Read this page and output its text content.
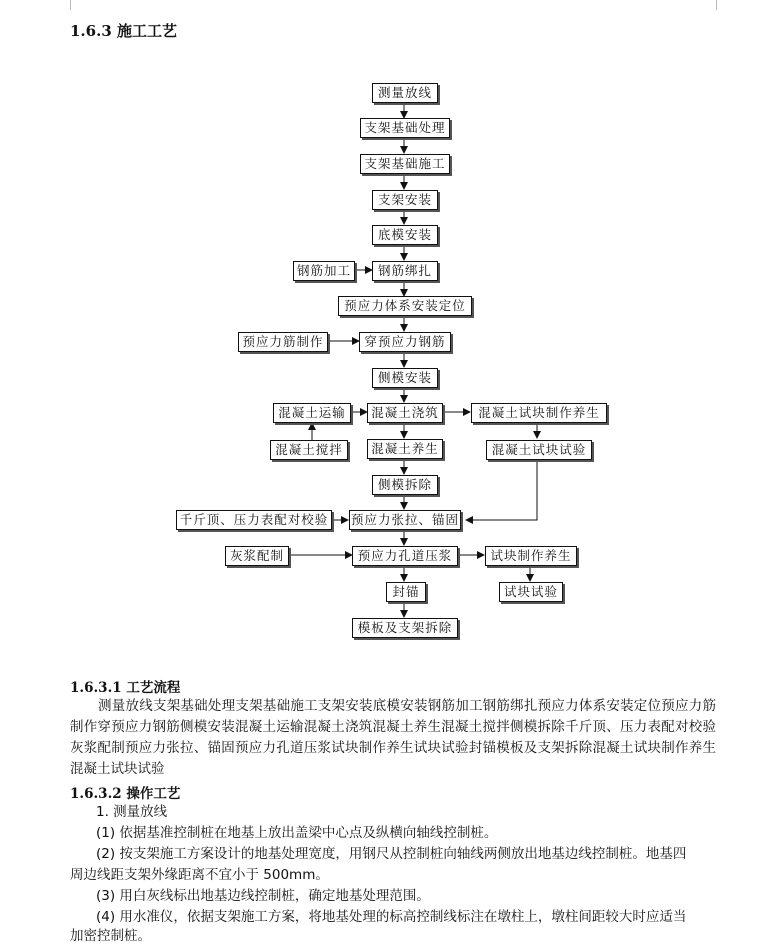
1.6.3 施工工艺
测量放线
支架基础处理
支架基础施工
支架安装
底模安装
钢筋绑扎
预应力体系安装定位
穿预应力钢筋
侧模安装
混凝土浇筑
混凝土养生
侧模拆除
预应力张拉、锚固
预应力孔道压浆
封锚
模板及支架拆除
钢筋加工
预应力筋制作
混凝土运输
混凝土搅拌
千斤顶、压力表配对校验
灰浆配制
混凝土试块制作养生
混凝土试块试验
试块制作养生
试块试验
1.6.3.1 工艺流程
测量放线支架基础处理支架基础施工支架安装底模安装钢筋加工钢筋绑扎预应力体系安装定位预应力筋制作穿预应力钢筋侧模安装混凝土运输混凝土浇筑混凝土养生混凝土搅拌侧模拆除千斤顶、压力表配对校验灰浆配制预应力张拉、锚固预应力孔道压浆试块制作养生试块试验封锚模板及支架拆除混凝土试块制作养生混凝土试块试验
1.6.3.2 操作工艺
1. 测量放线
(1) 依据基准控制桩在地基上放出盖梁中心点及纵横向轴线控制桩。
(2) 按支架施工方案设计的地基处理宽度，用钢尺从控制桩向轴线两侧放出地基边线控制桩。地基四
周边线距支架外缘距离不宜小于 500mm。
(3) 用白灰线标出地基边线控制桩，确定地基处理范围。
(4) 用水准仪，依据支架施工方案，将地基处理的标高控制线标注在墩柱上，墩柱间距较大时应适当
加密控制桩。
